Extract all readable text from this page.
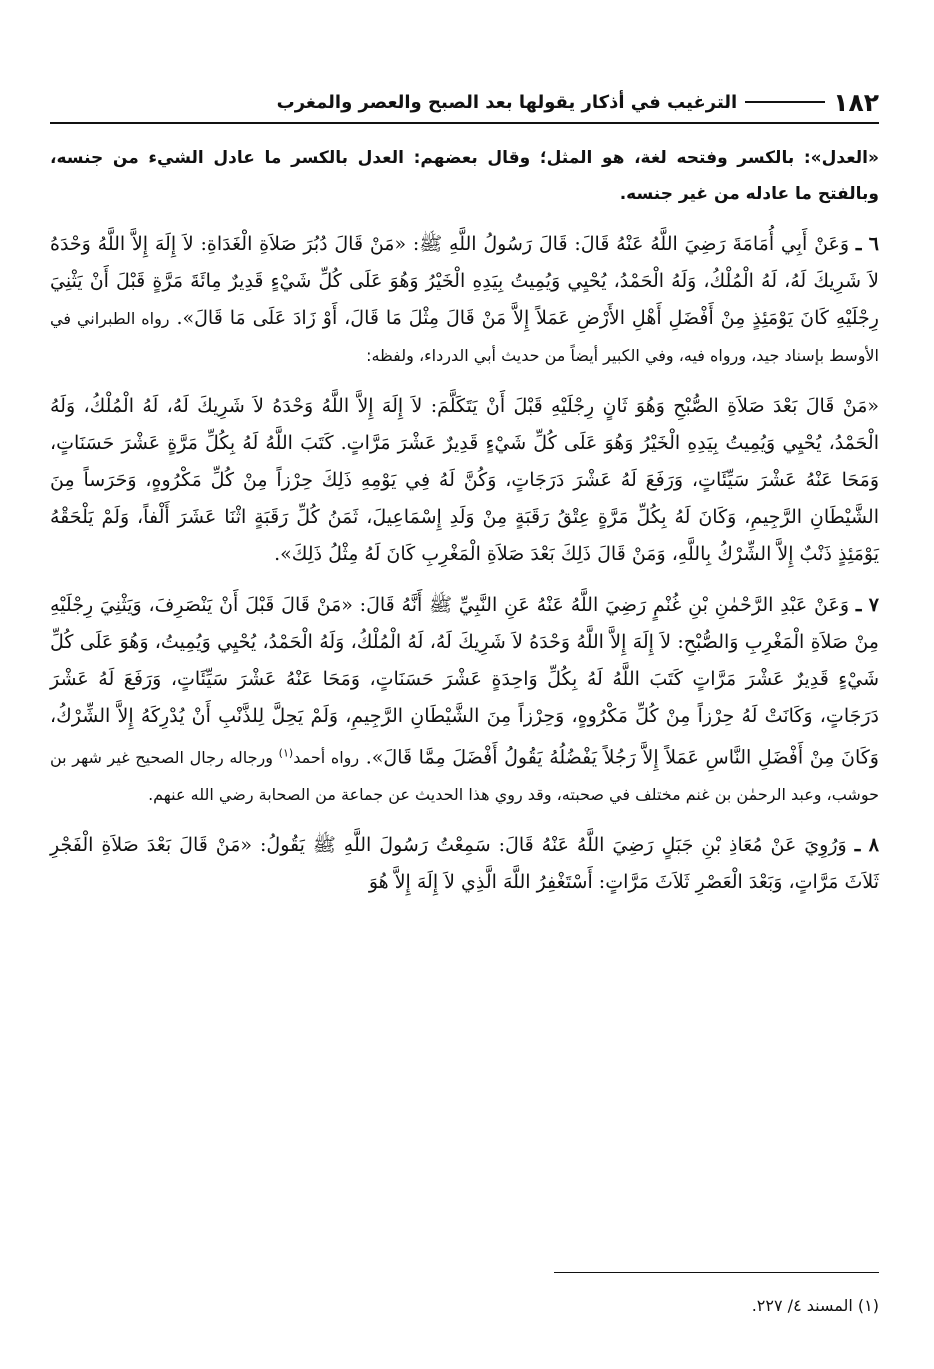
١٨٢
الترغيب في أذكار يقولها بعد الصبح والعصر والمغرب

«العدل»: بالكسر وفتحه لغة، هو المثل؛ وقال بعضهم: العدل بالكسر ما عادل الشيء من جنسه، وبالفتح ما عادله من غير جنسه.

٦ ـ وَعَنْ أَبِي أُمَامَةَ رَضِيَ اللَّهُ عَنْهُ قَالَ: قَالَ رَسُولُ اللَّهِ ﷺ: «مَنْ قَالَ دُبُرَ صَلاَةِ الْغَدَاةِ: لاَ إِلَهَ إِلاَّ اللَّهُ وَحْدَهُ لاَ شَرِيكَ لَهُ، لَهُ الْمُلْكُ، وَلَهُ الْحَمْدُ، يُحْيِي وَيُمِيتُ بِيَدِهِ الْخَيْرُ وَهُوَ عَلَى كُلِّ شَيْءٍ قَدِيرٌ مِائَةَ مَرَّةٍ قَبْلَ أَنْ يَثْنِيَ رِجْلَيْهِ كَانَ يَوْمَئِذٍ مِنْ أَفْضَلِ أَهْلِ الأَرْضِ عَمَلاً إِلاَّ مَنْ قَالَ مِثْلَ مَا قَالَ، أَوْ زَادَ عَلَى مَا قَالَ». رواه الطبراني في الأوسط بإسناد جيد، ورواه فيه، وفي الكبير أيضاً من حديث أبي الدرداء، ولفظه:

«مَنْ قَالَ بَعْدَ صَلاَةِ الصُّبْحِ وَهُوَ ثَانٍ رِجْلَيْهِ قَبْلَ أَنْ يَتَكَلَّمَ: لاَ إِلَهَ إِلاَّ اللَّهُ وَحْدَهُ لاَ شَرِيكَ لَهُ، لَهُ الْمُلْكُ، وَلَهُ الْحَمْدُ، يُحْيِي وَيُمِيتُ بِيَدِهِ الْخَيْرُ وَهُوَ عَلَى كُلِّ شَيْءٍ قَدِيرٌ عَشْرَ مَرَّاتٍ. كَتَبَ اللَّهُ لَهُ بِكُلِّ مَرَّةٍ عَشْرَ حَسَنَاتٍ، وَمَحَا عَنْهُ عَشْرَ سَيِّئَاتٍ، وَرَفَعَ لَهُ عَشْرَ دَرَجَاتٍ، وَكُنَّ لَهُ فِي يَوْمِهِ ذَلِكَ حِرْزاً مِنْ كُلِّ مَكْرُوهٍ، وَحَرَساً مِنَ الشَّيْطَانِ الرَّجِيمِ، وَكَانَ لَهُ بِكُلِّ مَرَّةٍ عِتْقُ رَقَبَةٍ مِنْ وَلَدِ إِسْمَاعِيلَ، ثَمَنُ كُلِّ رَقَبَةٍ اثْنَا عَشَرَ أَلْفاً، وَلَمْ يَلْحَقْهُ يَوْمَئِذٍ ذَنْبٌ إِلاَّ الشِّرْكُ بِاللَّهِ، وَمَنْ قَالَ ذَلِكَ بَعْدَ صَلاَةِ الْمَغْرِبِ كَانَ لَهُ مِثْلُ ذَلِكَ».

٧ ـ وَعَنْ عَبْدِ الرَّحْمٰنِ بْنِ غُنْمٍ رَضِيَ اللَّهُ عَنْهُ عَنِ النَّبِيِّ ﷺ أَنَّهُ قَالَ: «مَنْ قَالَ قَبْلَ أَنْ يَنْصَرِفَ، وَيَثْنِيَ رِجْلَيْهِ مِنْ صَلاَةِ الْمَغْرِبِ وَالصُّبْحِ: لاَ إِلَهَ إِلاَّ اللَّهُ وَحْدَهُ لاَ شَرِيكَ لَهُ، لَهُ الْمُلْكُ، وَلَهُ الْحَمْدُ، يُحْيِي وَيُمِيتُ، وَهُوَ عَلَى كُلِّ شَيْءٍ قَدِيرٌ عَشْرَ مَرَّاتٍ كَتَبَ اللَّهُ لَهُ بِكُلِّ وَاحِدَةٍ عَشْرَ حَسَنَاتٍ، وَمَحَا عَنْهُ عَشْرَ سَيِّئَاتٍ، وَرَفَعَ لَهُ عَشْرَ دَرَجَاتٍ، وَكَانَتْ لَهُ حِرْزاً مِنْ كُلِّ مَكْرُوهٍ، وَحِرْزاً مِنَ الشَّيْطَانِ الرَّجِيمِ، وَلَمْ يَحِلَّ لِلذَّنْبِ أَنْ يُدْرِكَهُ إِلاَّ الشِّرْكُ، وَكَانَ مِنْ أَفْضَلِ النَّاسِ عَمَلاً إِلاَّ رَجُلاً يَفْضُلُهُ يَقُولُ أَفْضَلَ مِمَّا قَالَ». رواه أحمد$^{(١)}$ ورجاله رجال الصحيح غير شهر بن حوشب، وعبد الرحمٰن بن غنم مختلف في صحبته، وقد روي هذا الحديث عن جماعة من الصحابة رضي الله عنهم.

٨ ـ وَرُوِيَ عَنْ مُعَاذِ بْنِ جَبَلٍ رَضِيَ اللَّهُ عَنْهُ قَالَ: سَمِعْتُ رَسُولَ اللَّهِ ﷺ يَقُولُ: «مَنْ قَالَ بَعْدَ صَلاَةِ الْفَجْرِ ثَلاَثَ مَرَّاتٍ، وَبَعْدَ الْعَصْرِ ثَلاَثَ مَرَّاتٍ: أَسْتَغْفِرُ اللَّهَ الَّذِي لاَ إِلَهَ إِلاَّ هُوَ

(١) المسند ٤/ ٢٢٧.
